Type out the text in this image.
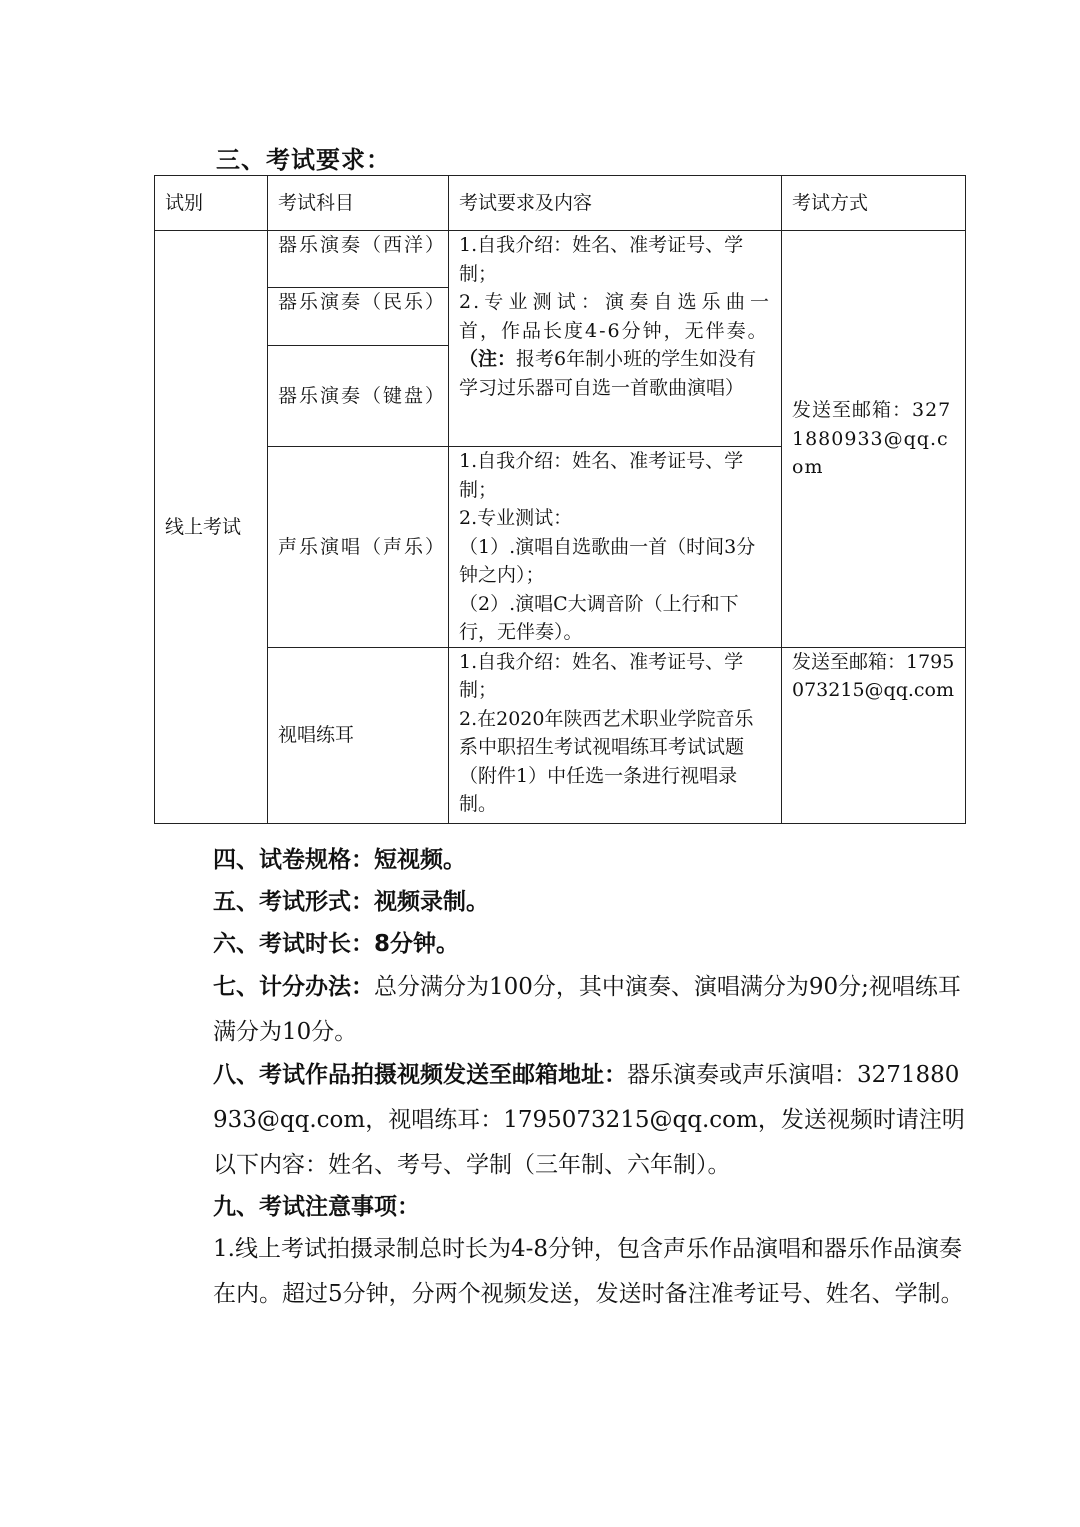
三、考试要求：
试别	考试科目	考试要求及内容	考试方式
线上考试	器乐演奏（西洋）	1.自我介绍：姓名、准考证号、学制；
2.专业测试：演奏自选乐曲一首，作品长度4-6分钟，无伴奏。
（注：报考6年制小班的学生如没有学习过乐器可自选一首歌曲演唱）	发送至邮箱：3271880933@qq.com
	器乐演奏（民乐）		
	器乐演奏（键盘）		
	声乐演唱（声乐）	1.自我介绍：姓名、准考证号、学制；
2.专业测试：
（1）.演唱自选歌曲一首（时间3分钟之内）；
（2）.演唱C大调音阶（上行和下行，无伴奏）。	

	视唱练耳	1.自我介绍：姓名、准考证号、学制；
2.在2020年陕西艺术职业学院音乐系中职招生考试视唱练耳考试试题（附件1）中任选一条进行视唱录制。	发送至邮箱：1795073215@qq.com
四、试卷规格：短视频。
五、考试形式：视频录制。
六、考试时长：8分钟。
七、计分办法：总分满分为100分，其中演奏、演唱满分为90分;视唱练耳满分为10分。
八、考试作品拍摄视频发送至邮箱地址：器乐演奏或声乐演唱：3271880933@qq.com，视唱练耳：1795073215@qq.com，发送视频时请注明以下内容：姓名、考号、学制（三年制、六年制）。
九、考试注意事项：
1.线上考试拍摄录制总时长为4-8分钟，包含声乐作品演唱和器乐作品演奏在内。超过5分钟，分两个视频发送，发送时备注准考证号、姓名、学制。
